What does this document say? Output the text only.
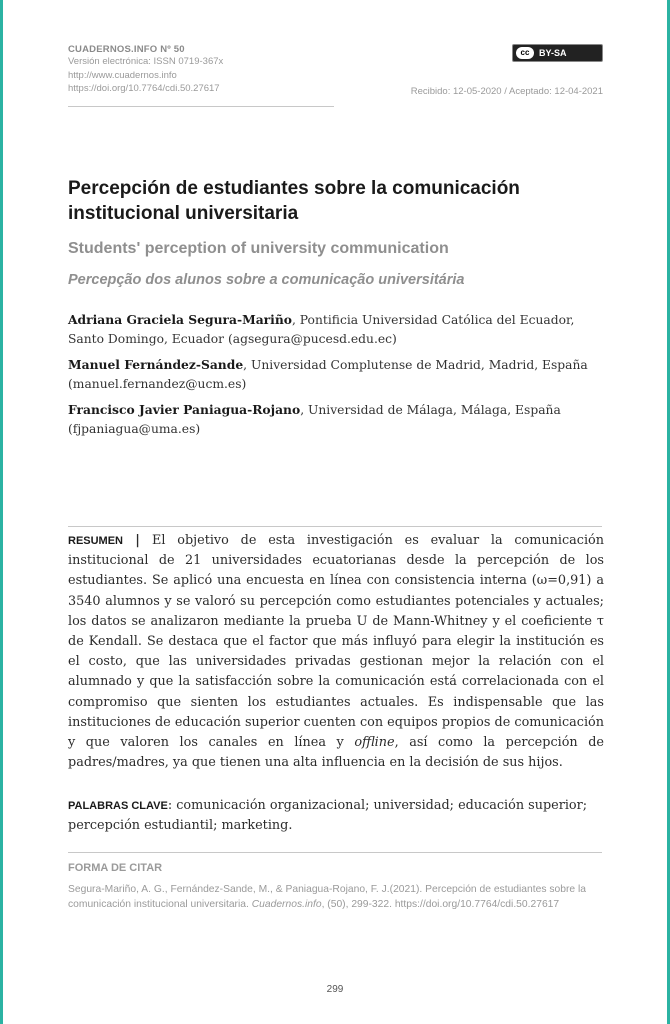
CUADERNOS.INFO Nº 50
Versión electrónica: ISSN 0719-367x
http://www.cuadernos.info
https://doi.org/10.7764/cdi.50.27617
cc	BY-SA
Recibido: 12-05-2020 / Aceptado: 12-04-2021
Percepción de estudiantes sobre la comunicación institucional universitaria
Students' perception of university communication
Percepção dos alunos sobre a comunicação universitária
Adriana Graciela Segura-Mariño, Pontificia Universidad Católica del Ecuador, Santo Domingo, Ecuador (agsegura@pucesd.edu.ec)
Manuel Fernández-Sande, Universidad Complutense de Madrid, Madrid, España (manuel.fernandez@ucm.es)
Francisco Javier Paniagua-Rojano, Universidad de Málaga, Málaga, España (fjpaniagua@uma.es)

RESUMEN | El objetivo de esta investigación es evaluar la comunicación institucional de 21 universidades ecuatorianas desde la percepción de los estudiantes. Se aplicó una encuesta en línea con consistencia interna (ω=0,91) a 3540 alumnos y se valoró su percepción como estudiantes potenciales y actuales; los datos se analizaron mediante la prueba U de Mann-Whitney y el coeficiente τ de Kendall. Se destaca que el factor que más influyó para elegir la institución es el costo, que las universidades privadas gestionan mejor la relación con el alumnado y que la satisfacción sobre la comunicación está correlacionada con el compromiso que sienten los estudiantes actuales. Es indispensable que las instituciones de educación superior cuenten con equipos propios de comunicación y que valoren los canales en línea y offline, así como la percepción de padres/madres, ya que tienen una alta influencia en la decisión de sus hijos.

PALABRAS CLAVE: comunicación organizacional; universidad; educación superior; percepción estudiantil; marketing.

FORMA DE CITAR

Segura-Mariño, A. G., Fernández-Sande, M., & Paniagua-Rojano, F. J.(2021). Percepción de estudiantes sobre la comunicación institucional universitaria. Cuadernos.info, (50), 299-322. https://doi.org/10.7764/cdi.50.27617

299
